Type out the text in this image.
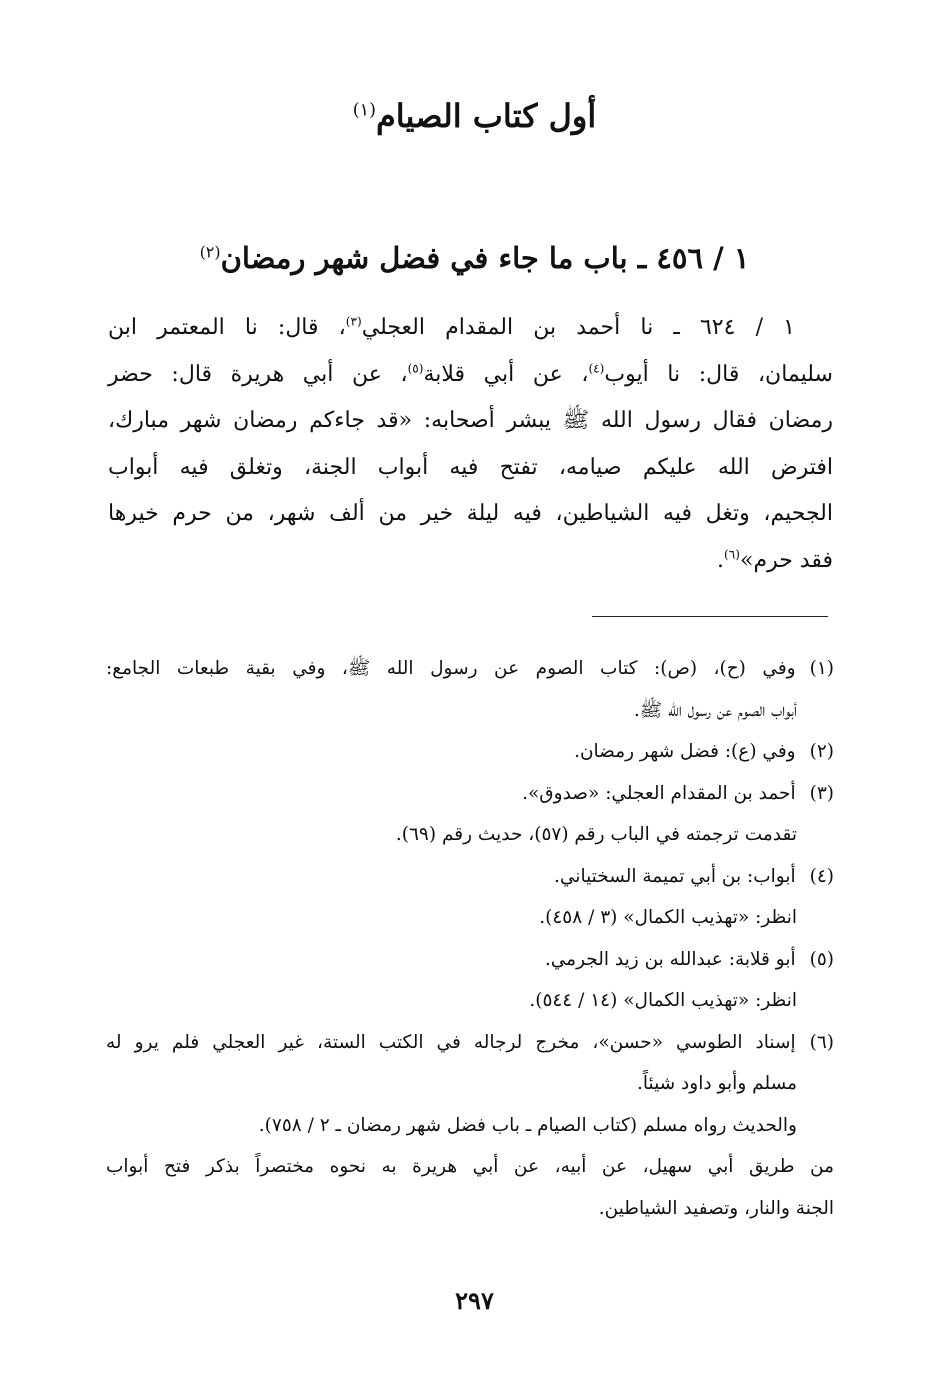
أول كتاب الصيام$^{(١)}$
١ / ٤٥٦ ـ باب ما جاء في فضل شهر رمضان$^{(٢)}$
١ / ٦٢٤ ـ نا أحمد بن المقدام العجلي$^{(٣)}$، قال: نا المعتمر ابن
سليمان، قال: نا أيوب$^{(٤)}$، عن أبي قلابة$^{(٥)}$، عن أبي هريرة قال: حضر
رمضان فقال رسول الله ﷺ يبشر أصحابه: «قد جاءكم رمضان شهر مبارك،
افترض الله عليكم صيامه، تفتح فيه أبواب الجنة، وتغلق فيه أبواب
الجحيم، وتغل فيه الشياطين، فيه ليلة خير من ألف شهر، من حرم خيرها
فقد حرم»$^{(٦)}$.
(١)وفي (ح)، (ص): كتاب الصوم عن رسول الله ﷺ، وفي بقية طبعات الجامع:
أبواب الصوم عن رسول الله ﷺ.
(٢)وفي (ع): فضل شهر رمضان.
(٣)أحمد بن المقدام العجلي: «صدوق».
تقدمت ترجمته في الباب رقم (٥٧)، حديث رقم (٦٩).
(٤)أبواب: بن أبي تميمة السختياني.
انظر: «تهذيب الكمال» (٣ / ٤٥٨).
(٥)أبو قلابة: عبدالله بن زيد الجرمي.
انظر: «تهذيب الكمال» (١٤ / ٥٤٤).
(٦)إسناد الطوسي «حسن»، مخرج لرجاله في الكتب الستة، غير العجلي فلم يرو له
مسلم وأبو داود شيئاً.
والحديث رواه مسلم (كتاب الصيام ـ باب فضل شهر رمضان ـ ٢ / ٧٥٨).
من طريق أبي سهيل، عن أبيه، عن أبي هريرة به نحوه مختصراً بذكر فتح أبواب
الجنة والنار، وتصفيد الشياطين.
٢٩٧
